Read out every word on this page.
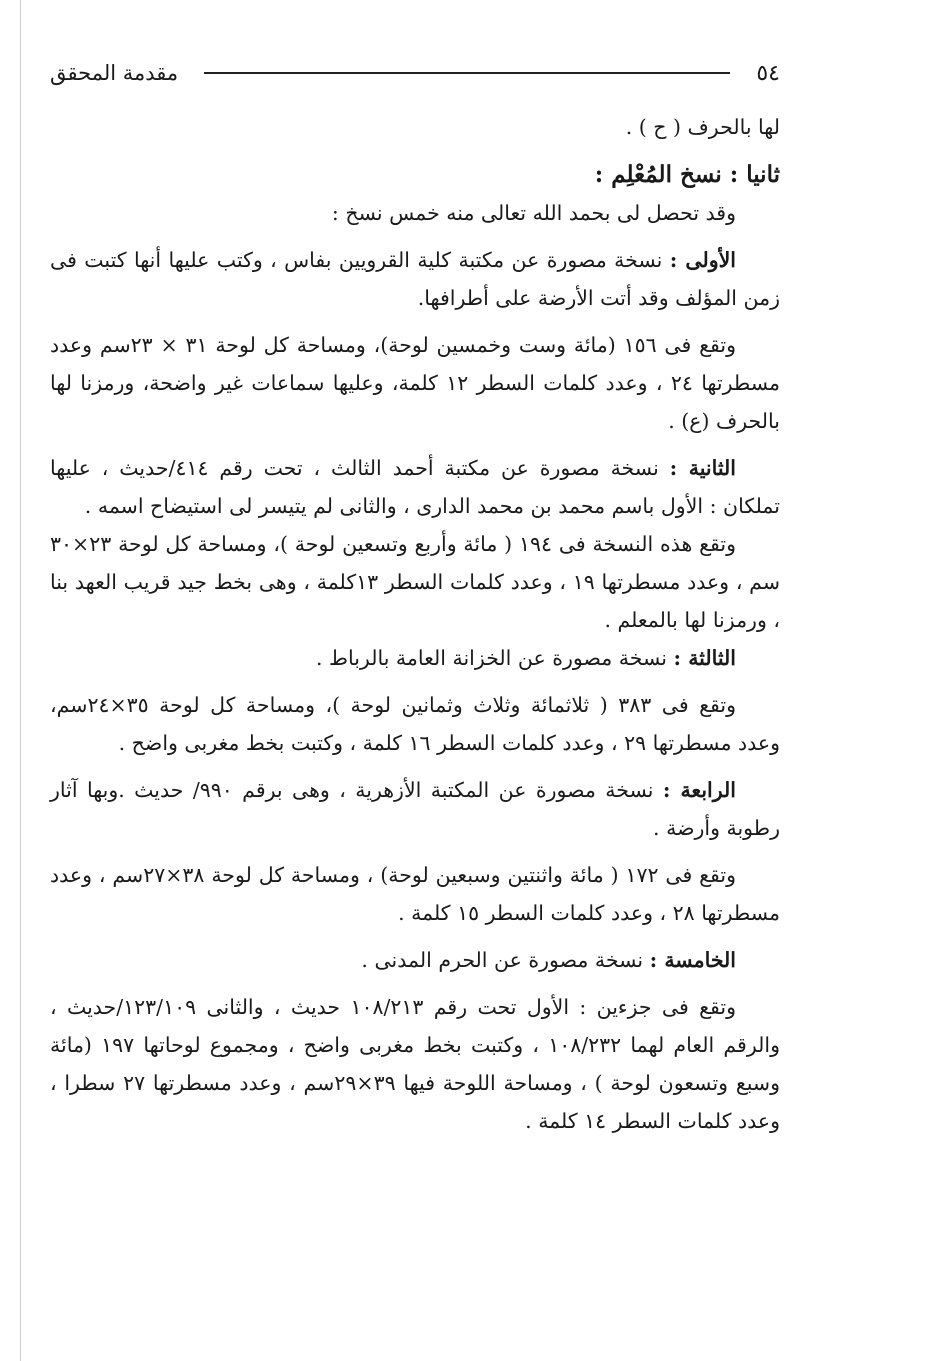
٥٤
مقدمة المحقق

لها بالحرف ( ح ) .

ثانيا : نسخ المُعْلِم :

وقد تحصل لى بحمد الله تعالى منه خمس نسخ :

الأولى : نسخة مصورة عن مكتبة كلية القرويين بفاس ، وكتب عليها أنها كتبت فى زمن المؤلف وقد أتت الأرضة على أطرافها.

وتقع فى ١٥٦ (مائة وست وخمسين لوحة)، ومساحة كل لوحة ٣١ × ٢٣سم وعدد مسطرتها ٢٤ ، وعدد كلمات السطر ١٢ كلمة، وعليها سماعات غير واضحة، ورمزنا لها بالحرف (ع) .

الثانية : نسخة مصورة عن مكتبة أحمد الثالث ، تحت رقم ٤١٤/حديث ، عليها تملكان : الأول باسم محمد بن محمد الدارى ، والثانى لم يتيسر لى استيضاح اسمه .

وتقع هذه النسخة فى ١٩٤ ( مائة وأربع وتسعين لوحة )، ومساحة كل لوحة ٢٣×٣٠ سم ، وعدد مسطرتها ١٩ ، وعدد كلمات السطر ١٣كلمة ، وهى بخط جيد قريب العهد بنا ، ورمزنا لها بالمعلم .

الثالثة : نسخة مصورة عن الخزانة العامة بالرباط .

وتقع فى ٣٨٣ ( ثلاثمائة وثلاث وثمانين لوحة )، ومساحة كل لوحة ٣٥×٢٤سم، وعدد مسطرتها ٢٩ ، وعدد كلمات السطر ١٦ كلمة ، وكتبت بخط مغربى واضح .

الرابعة : نسخة مصورة عن المكتبة الأزهرية ، وهى برقم ٩٩٠/ حديث .وبها آثار رطوبة وأرضة .

وتقع فى ١٧٢ ( مائة واثنتين وسبعين لوحة) ، ومساحة كل لوحة ٣٨×٢٧سم ، وعدد مسطرتها ٢٨ ، وعدد كلمات السطر ١٥ كلمة .

الخامسة : نسخة مصورة عن الحرم المدنى .

وتقع فى جزءين : الأول تحت رقم ١٠٨/٢١٣ حديث ، والثانى ١٢٣/١٠٩/حديث ، والرقم العام لهما ١٠٨/٢٣٢ ، وكتبت بخط مغربى واضح ، ومجموع لوحاتها ١٩٧ (مائة وسبع وتسعون لوحة ) ، ومساحة اللوحة فيها ٣٩×٢٩سم ، وعدد مسطرتها ٢٧ سطرا ، وعدد كلمات السطر ١٤ كلمة .
